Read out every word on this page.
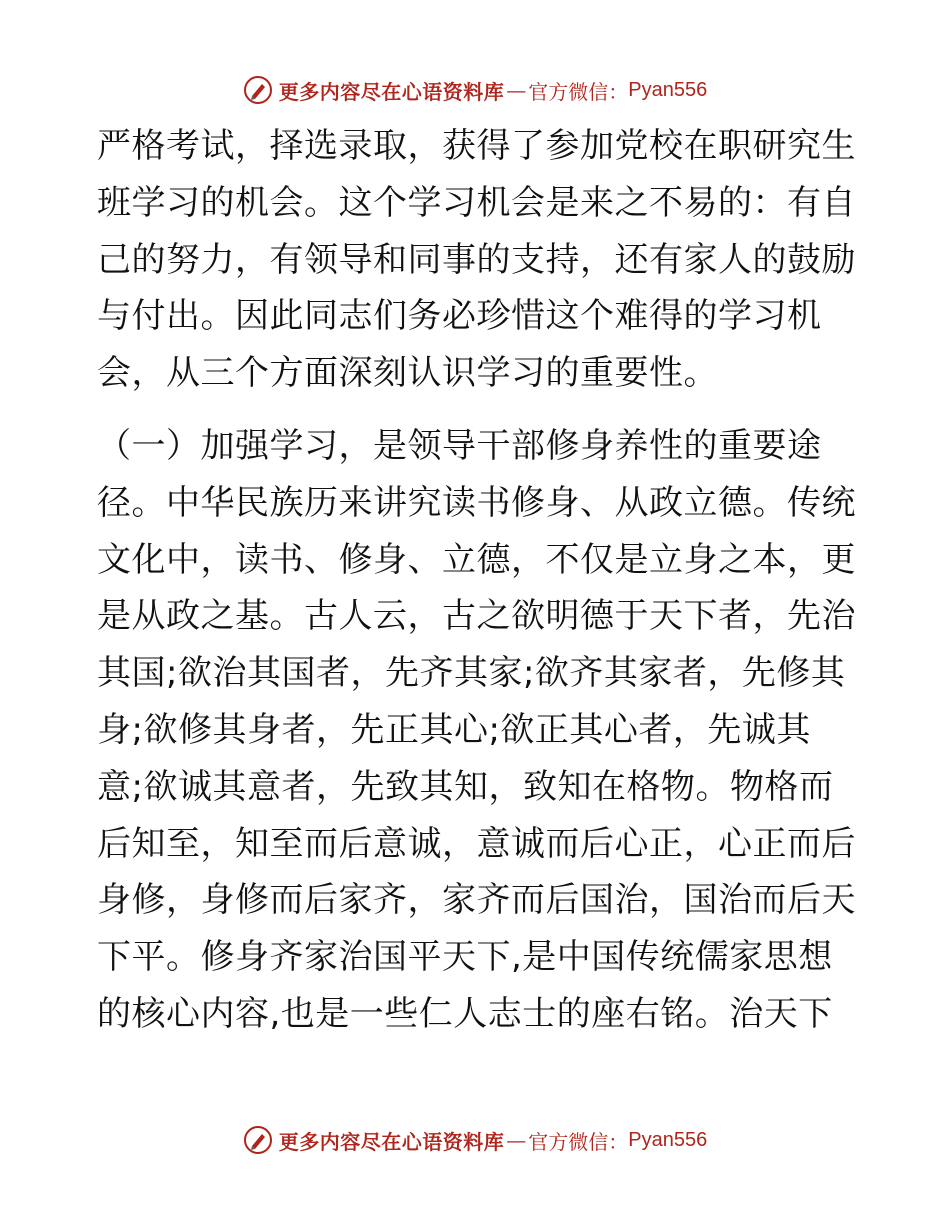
更多内容尽在心语资料库 — 官方微信： Pyan556
严格考试，择选录取，获得了参加党校在职研究生
班学习的机会。这个学习机会是来之不易的：有自
己的努力，有领导和同事的支持，还有家人的鼓励
与付出。因此同志们务必珍惜这个难得的学习机
会，从三个方面深刻认识学习的重要性。
（一）加强学习，是领导干部修身养性的重要途
径。中华民族历来讲究读书修身、从政立德。传统
文化中，读书、修身、立德，不仅是立身之本，更
是从政之基。古人云，古之欲明德于天下者，先治
其国;欲治其国者，先齐其家;欲齐其家者，先修其
身;欲修其身者，先正其心;欲正其心者，先诚其
意;欲诚其意者，先致其知，致知在格物。物格而
后知至，知至而后意诚，意诚而后心正，心正而后
身修，身修而后家齐，家齐而后国治，国治而后天
下平。修身齐家治国平天下,是中国传统儒家思想
的核心内容,也是一些仁人志士的座右铭。治天下
更多内容尽在心语资料库 — 官方微信： Pyan556
